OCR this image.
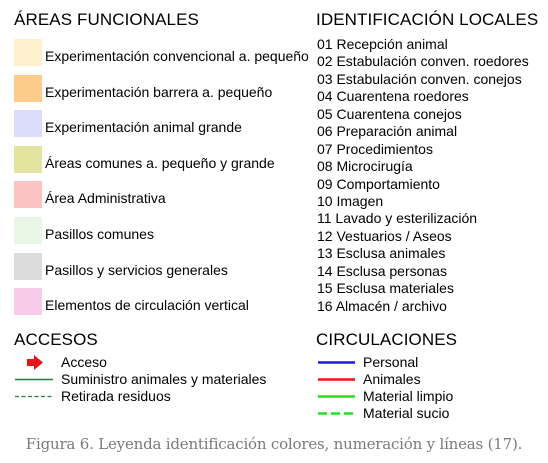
ÁREAS FUNCIONALES	IDENTIFICACIÓN LOCALES
ACCESOS	CIRCULACIONES
Experimentación convencional a. pequeño
Experimentación barrera a. pequeño
Experimentación animal grande
Áreas comunes a. pequeño y grande
Área Administrativa
Pasillos comunes
Pasillos y servicios generales
Elementos de circulación vertical
01 Recepción animal
02 Estabulación conven. roedores
03 Estabulación conven. conejos
04 Cuarentena roedores
05 Cuarentena conejos
06 Preparación animal
07 Procedimientos
08 Microcirugía
09 Comportamiento
10 Imagen
11 Lavado y esterilización
12 Vestuarios / Aseos
13 Esclusa animales
14 Esclusa personas
15 Esclusa materiales
16 Almacén / archivo
Acceso
Suministro animales y materiales
Retirada residuos
Personal
Animales
Material limpio
Material sucio
Figura 6. Leyenda identificación colores, numeración y líneas (17).
